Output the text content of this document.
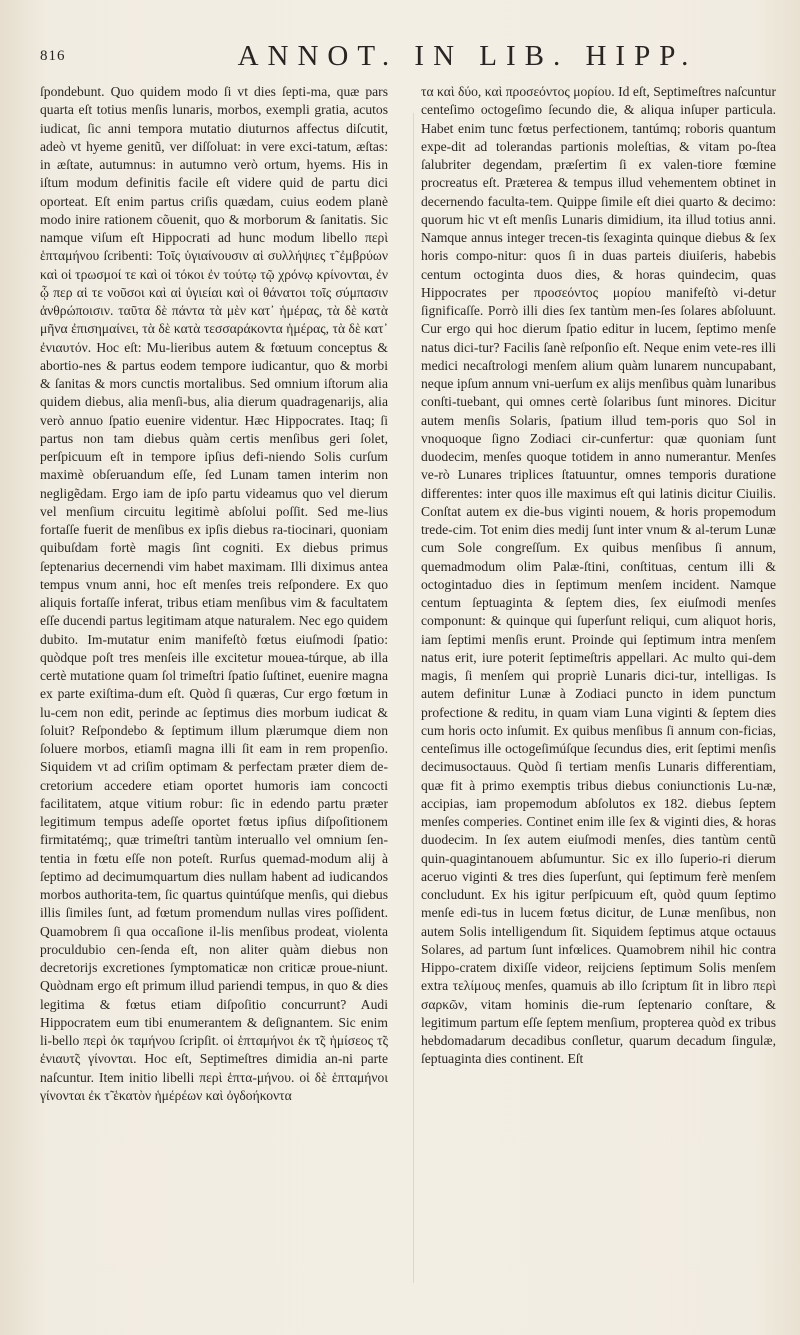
816	ANNOT. IN LIB. HIPP.

ſpondebunt. Quo quidem modo ſi vt dies ſepti-ma, quæ pars quarta eſt totius menſis lunaris, morbos, exempli gratia, acutos iudicat, ſic anni tempora mutatio diuturnos affectus diſcutit, adeò vt hyeme genitũ, ver diſſoluat: in vere exci-tatum, æſtas: in æſtate, autumnus: in autumno verò ortum, hyems. His in iſtum modum definitis facile eſt videre quid de partu dici oporteat. Eſt enim partus criſis quædam, cuius eodem planè modo inire rationem cõuenit, quo & morborum & ſanitatis. Sic namque viſum eſt Hippocrati ad hunc modum libello περὶ ἑπταμήνου ſcribenti: Τοῖς ὑγιαίνουσιν αἱ συλλήψιες τ̃ ἐμβρύων καὶ οἱ τρωσμοί τε καὶ οἱ τόκοι ἐν τούτῳ τῷ χρόνῳ κρίνονται, ἐν ᾧ περ αἱ τε νοῦσοι καὶ αἱ ὑγιείαι καὶ οἱ θάνατοι τοῖς σύμπασιν ἀνθρώποισιν. ταῦτα δὲ πάντα τὰ μὲν κατ᾽ ἡμέρας, τὰ δὲ κατὰ μῆνα ἐπισημαίνει, τὰ δὲ κατὰ τεσσαράκοντα ἡμέρας, τὰ δὲ κατ᾽ ἐνιαυτόν. Hoc eſt: Mu-lieribus autem & fœtuum conceptus & abortio-nes & partus eodem tempore iudicantur, quo & morbi & ſanitas & mors cunctis mortalibus. Sed omnium iſtorum alia quidem diebus, alia menſi-bus, alia dierum quadragenarijs, alia verò annuo ſpatio euenire videntur. Hæc Hippocrates. Itaq; ſi partus non tam diebus quàm certis menſibus geri ſolet, perſpicuum eſt in tempore ipſius defi-niendo Solis curſum maximè obſeruandum eſſe, ſed Lunam tamen interim non negligẽdam. Ergo iam de ipſo partu videamus quo vel dierum vel menſium circuitu legitimè abſolui poſſit. Sed me-lius fortaſſe fuerit de menſibus ex ipſis diebus ra-tiocinari, quoniam quibuſdam fortè magis ſint cogniti. Ex diebus primus ſeptenarius decernendi vim habet maximam. Illi diximus antea tempus vnum anni, hoc eſt menſes treis reſpondere. Ex quo aliquis fortaſſe inferat, tribus etiam menſibus vim & facultatem eſſe ducendi partus legitimam atque naturalem. Nec ego quidem dubito. Im-mutatur enim manifeſtò fœtus eiuſmodi ſpatio: quòdque poſt tres menſeis ille excitetur mouea-túrque, ab illa certè mutatione quam ſol trimeſtri ſpatio ſuſtinet, euenire magna ex parte exiſtima-dum eſt. Quòd ſi quæras, Cur ergo fœtum in lu-cem non edit, perinde ac ſeptimus dies morbum iudicat & ſoluit? Reſpondebo & ſeptimum illum plærumque diem non ſoluere morbos, etiamſi magna illi ſit eam in rem propenſio. Siquidem vt ad criſim optimam & perfectam præter diem de-cretorium accedere etiam oportet humoris iam concocti facilitatem, atque vitium robur: ſic in edendo partu præter legitimum tempus adeſſe oportet fœtus ipſius diſpoſitionem firmitatémq;, quæ trimeſtri tantùm interuallo vel omnium ſen-tentia in fœtu eſſe non poteſt. Rurſus quemad-modum alij à ſeptimo ad decimumquartum dies nullam habent ad iudicandos morbos authorita-tem, ſic quartus quintúſque menſis, qui diebus illis ſimiles ſunt, ad fœtum promendum nullas vires poſſident. Quamobrem ſi qua occaſione il-lis menſibus prodeat, violenta proculdubio cen-ſenda eſt, non aliter quàm diebus non decretorijs excretiones ſymptomaticæ non criticæ proue-niunt. Quòdnam ergo eſt primum illud pariendi tempus, in quo & dies legitima & fœtus etiam diſpoſitio concurrunt? Audi Hippocratem eum tibi enumerantem & deſignantem. Sic enim li-bello περὶ ὀκ ταμήνου ſcripſit. οἱ ἑπταμήνοι ἐκ τ̃ς ἡμίσεος τ̃ς ἐνιαυτ̃ς γίνονται. Hoc eſt, Septimeſtres dimidia an-ni parte naſcuntur. Item initio libelli περὶ ἑπτα-μήνου. οἱ δὲ ἑπταμήνοι γίνονται ἐκ τ̃ ἑκατὸν ἡμέρέων καὶ ὀγδοήκοντα

τα καὶ δύο, καὶ προσεόντος μορίου. Id eſt, Septimeſtres naſcuntur centeſimo octogeſimo ſecundo die, & aliqua inſuper particula. Habet enim tunc fœtus perfectionem, tantúmq; roboris quantum expe-dit ad tolerandas partionis moleſtias, & vitam po-ſtea ſalubriter degendam, præſertim ſi ex valen-tiore fœmine procreatus eſt. Præterea & tempus illud vehementem obtinet in decernendo faculta-tem. Quippe ſimile eſt diei quarto & decimo: quorum hic vt eſt menſis Lunaris dimidium, ita illud totius anni. Namque annus integer trecen-tis ſexaginta quinque diebus & ſex horis compo-nitur: quos ſi in duas parteis diuiſeris, habebis centum octoginta duos dies, & horas quindecim, quas Hippocrates per προσεόντος μορίου manifeſtò vi-detur ſignificaſſe. Porrò illi dies ſex tantùm men-ſes ſolares abſoluunt. Cur ergo qui hoc dierum ſpatio editur in lucem, ſeptimo menſe natus dici-tur? Facilis ſanè reſponſio eſt. Neque enim vete-res illi medici necaſtrologi menſem alium quàm lunarem nuncupabant, neque ipſum annum vni-uerſum ex alijs menſibus quàm lunaribus conſti-tuebant, qui omnes certè ſolaribus ſunt minores. Dicitur autem menſis Solaris, ſpatium illud tem-poris quo Sol in vnoquoque ſigno Zodiaci cir-cunfertur: quæ quoniam ſunt duodecim, menſes quoque totidem in anno numerantur. Menſes ve-rò Lunares triplices ſtatuuntur, omnes temporis duratione differentes: inter quos ille maximus eſt qui latinis dicitur Ciuilis. Conſtat autem ex die-bus viginti nouem, & horis propemodum trede-cim. Tot enim dies medij ſunt inter vnum & al-terum Lunæ cum Sole congreſſum. Ex quibus menſibus ſi annum, quemadmodum olim Palæ-ſtini, conſtituas, centum illi & octogintaduo dies in ſeptimum menſem incident. Namque centum ſeptuaginta & ſeptem dies, ſex eiuſmodi menſes componunt: & quinque qui ſuperſunt reliqui, cum aliquot horis, iam ſeptimi menſis erunt. Proinde qui ſeptimum intra menſem natus erit, iure poterit ſeptimeſtris appellari. Ac multo qui-dem magis, ſi menſem qui propriè Lunaris dici-tur, intelligas. Is autem definitur Lunæ à Zodiaci puncto in idem punctum profectione & reditu, in quam viam Luna viginti & ſeptem dies cum horis octo inſumit. Ex quibus menſibus ſi annum con-ficias, centeſimus ille octogeſimúſque ſecundus dies, erit ſeptimi menſis decimusoctauus. Quòd ſi tertiam menſis Lunaris differentiam, quæ fit à primo exemptis tribus diebus coniunctionis Lu-næ, accipias, iam propemodum abſolutos ex 182. diebus ſeptem menſes comperies. Continet enim ille ſex & viginti dies, & horas duodecim. In ſex autem eiuſmodi menſes, dies tantùm centũ quin-quagintanouem abſumuntur. Sic ex illo ſuperio-ri dierum aceruo viginti & tres dies ſuperſunt, qui ſeptimum ferè menſem concludunt. Ex his igitur perſpicuum eſt, quòd quum ſeptimo menſe edi-tus in lucem fœtus dicitur, de Lunæ menſibus, non autem Solis intelligendum ſit. Siquidem ſeptimus atque octauus Solares, ad partum ſunt infœlices. Quamobrem nihil hic contra Hippo-cratem dixiſſe videor, reijciens ſeptimum Solis menſem extra τελίμους menſes, quamuis ab illo ſcriptum ſit in libro περὶ σαρκῶν, vitam hominis die-rum ſeptenario conſtare, & legitimum partum eſſe ſeptem menſium, propterea quòd ex tribus hebdomadarum decadibus conſletur, quarum decadum ſingulæ, ſeptuaginta dies continent. Eſt
